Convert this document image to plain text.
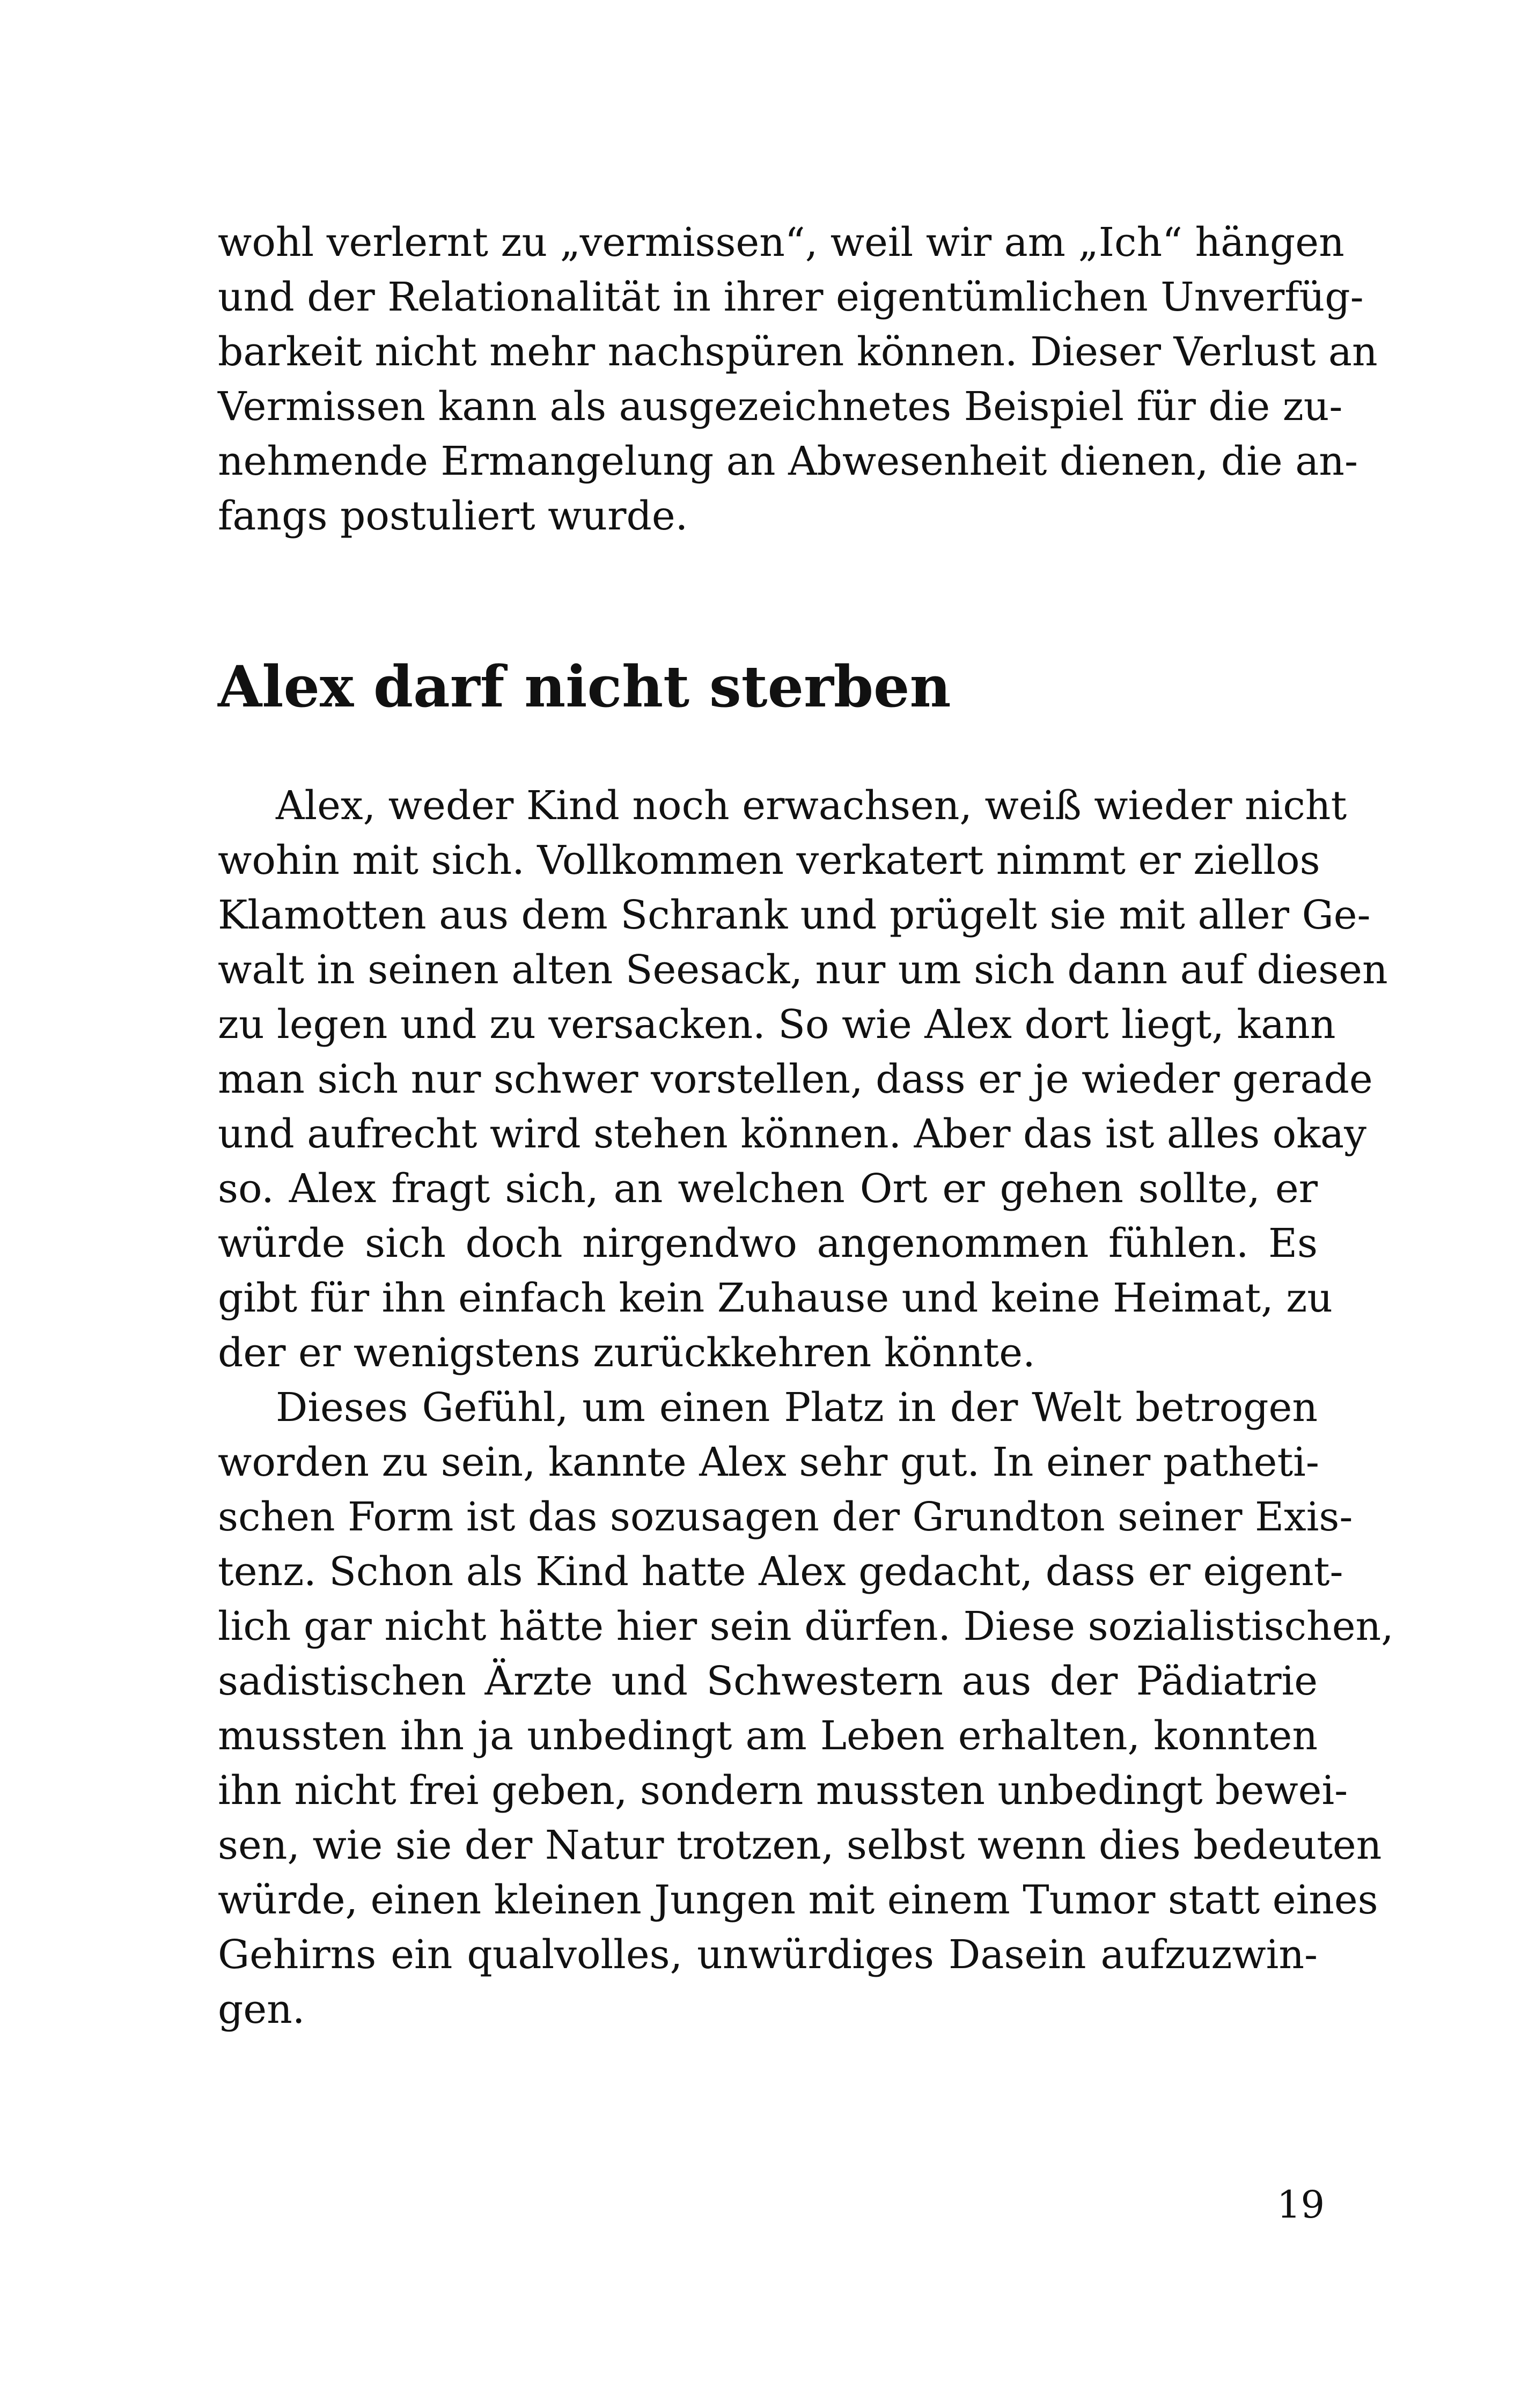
wohl verlernt zu „vermissen“, weil wir am „Ich“ hängen
und der Relationalität in ihrer eigentümlichen Unverfüg-
barkeit nicht mehr nachspüren können. Dieser Verlust an
Vermissen kann als ausgezeichnetes Beispiel für die zu-
nehmende Ermangelung an Abwesenheit dienen, die an-
fangs postuliert wurde.
Alex darf nicht sterben
Alex, weder Kind noch erwachsen, weiß wieder nicht
wohin mit sich. Vollkommen verkatert nimmt er ziellos
Klamotten aus dem Schrank und prügelt sie mit aller Ge-
walt in seinen alten Seesack, nur um sich dann auf diesen
zu legen und zu versacken. So wie Alex dort liegt, kann
man sich nur schwer vorstellen, dass er je wieder gerade
und aufrecht wird stehen können. Aber das ist alles okay
so. Alex fragt sich, an welchen Ort er gehen sollte, er
würde sich doch nirgendwo angenommen fühlen. Es
gibt für ihn einfach kein Zuhause und keine Heimat, zu
der er wenigstens zurückkehren könnte.
Dieses Gefühl, um einen Platz in der Welt betrogen
worden zu sein, kannte Alex sehr gut. In einer patheti-
schen Form ist das sozusagen der Grundton seiner Exis-
tenz. Schon als Kind hatte Alex gedacht, dass er eigent-
lich gar nicht hätte hier sein dürfen. Diese sozialistischen,
sadistischen Ärzte und Schwestern aus der Pädiatrie
mussten ihn ja unbedingt am Leben erhalten, konnten
ihn nicht frei geben, sondern mussten unbedingt bewei-
sen, wie sie der Natur trotzen, selbst wenn dies bedeuten
würde, einen kleinen Jungen mit einem Tumor statt eines
Gehirns ein qualvolles, unwürdiges Dasein aufzuzwin-
gen.
19
